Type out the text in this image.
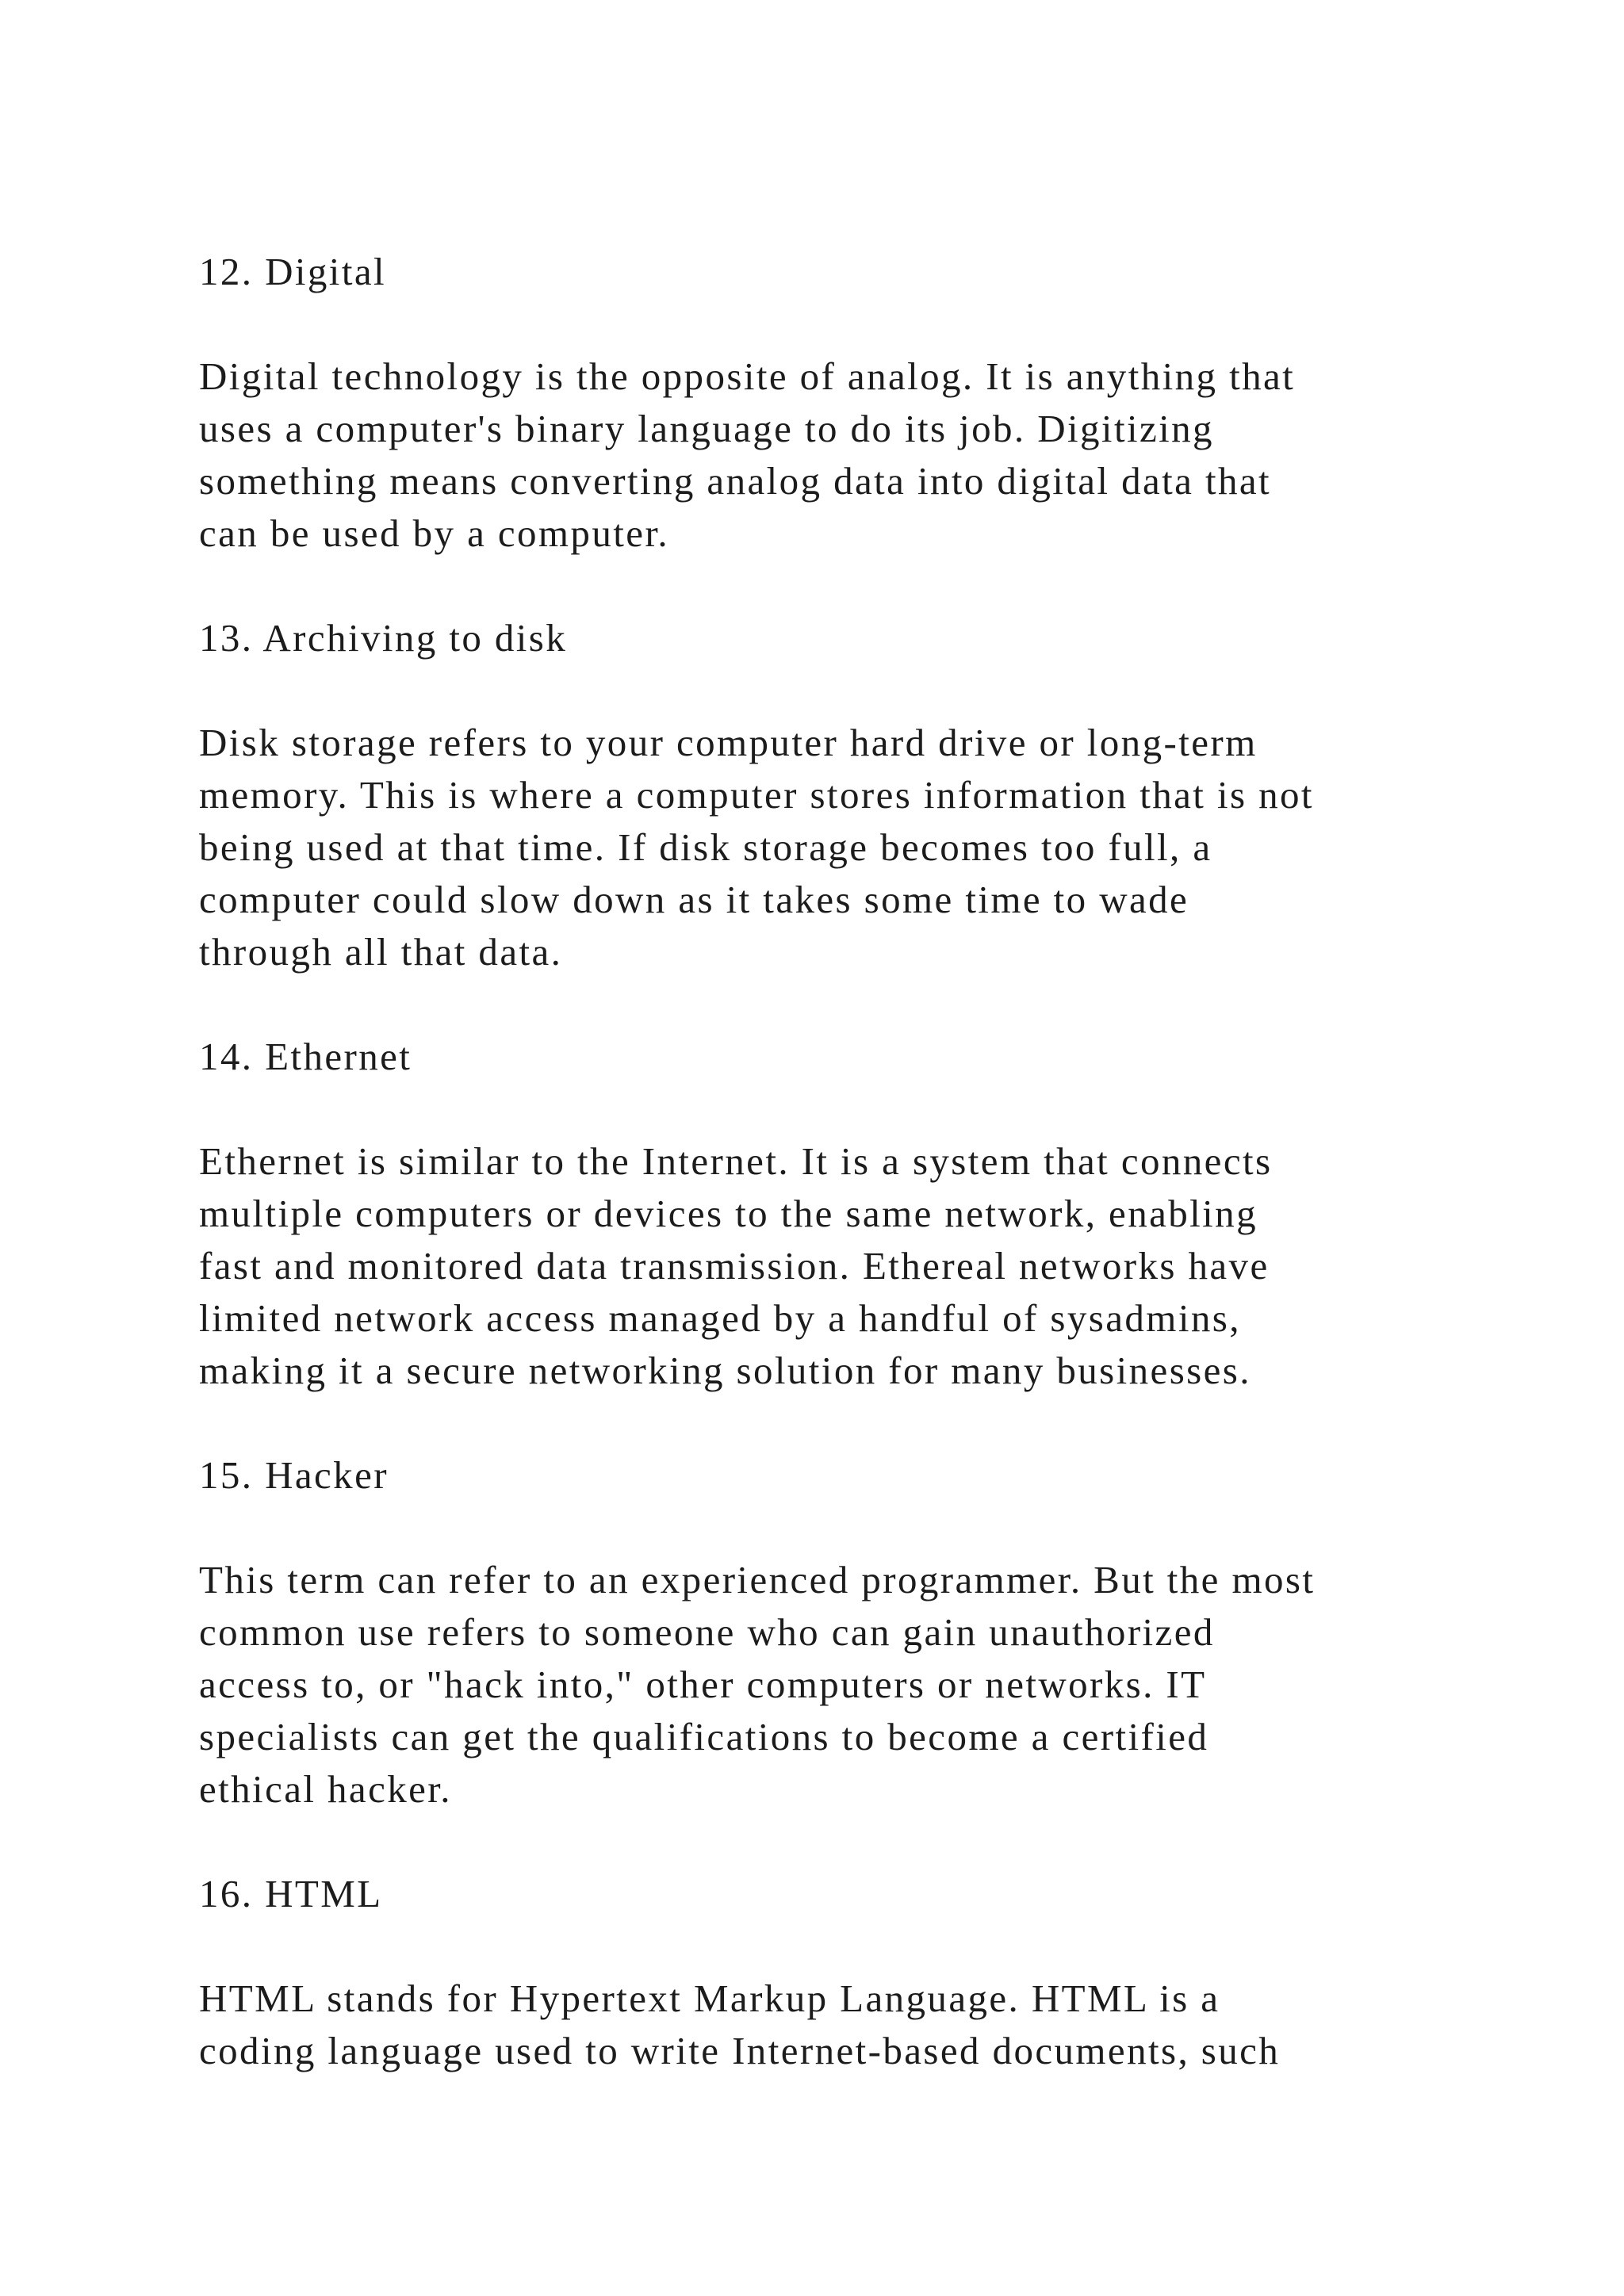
12. Digital

Digital technology is the opposite of analog. It is anything that
uses a computer's binary language to do its job. Digitizing
something means converting analog data into digital data that
can be used by a computer.

13. Archiving to disk

Disk storage refers to your computer hard drive or long-term
memory. This is where a computer stores information that is not
being used at that time. If disk storage becomes too full, a
computer could slow down as it takes some time to wade
through all that data.

14. Ethernet

Ethernet is similar to the Internet. It is a system that connects
multiple computers or devices to the same network, enabling
fast and monitored data transmission. Ethereal networks have
limited network access managed by a handful of sysadmins,
making it a secure networking solution for many businesses.

15. Hacker

This term can refer to an experienced programmer. But the most
common use refers to someone who can gain unauthorized
access to, or "hack into," other computers or networks. IT
specialists can get the qualifications to become a certified
ethical hacker.

16. HTML

HTML stands for Hypertext Markup Language. HTML is a
coding language used to write Internet-based documents, such
